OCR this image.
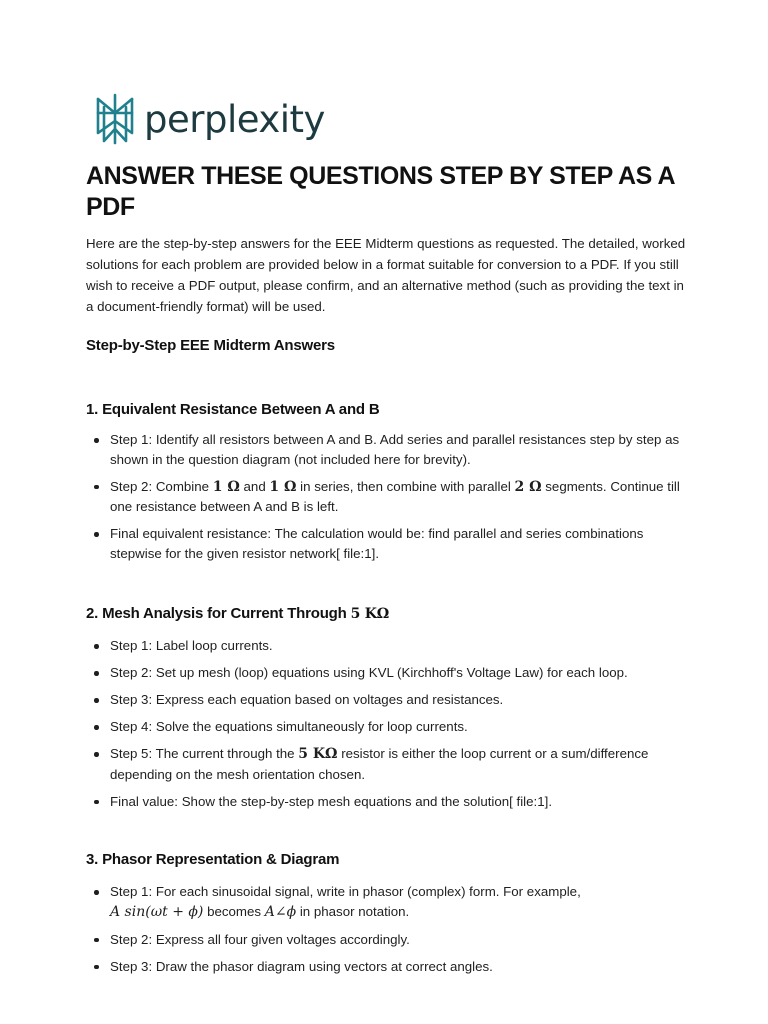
perplexity
ANSWER THESE QUESTIONS STEP BY STEP AS A PDF

Here are the step-by-step answers for the EEE Midterm questions as requested. The detailed, worked solutions for each problem are provided below in a format suitable for conversion to a PDF. If you still wish to receive a PDF output, please confirm, and an alternative method (such as providing the text in a document-friendly format) will be used.

Step-by-Step EEE Midterm Answers

1. Equivalent Resistance Between A and B

Step 1: Identify all resistors between A and B. Add series and parallel resistances step by step as shown in the question diagram (not included here for brevity).
Step 2: Combine 1 Ω and 1 Ω in series, then combine with parallel 2 Ω segments. Continue till one resistance between A and B is left.
Final equivalent resistance: The calculation would be: find parallel and series combinations stepwise for the given resistor network[ file:1].

2. Mesh Analysis for Current Through 5 KΩ

Step 1: Label loop currents.
Step 2: Set up mesh (loop) equations using KVL (Kirchhoff's Voltage Law) for each loop.
Step 3: Express each equation based on voltages and resistances.
Step 4: Solve the equations simultaneously for loop currents.
Step 5: The current through the 5 KΩ resistor is either the loop current or a sum/difference depending on the mesh orientation chosen.
Final value: Show the step-by-step mesh equations and the solution[ file:1].

3. Phasor Representation & Diagram

Step 1: For each sinusoidal signal, write in phasor (complex) form. For example,
A sin(ωt + ϕ) becomes A∠ϕ in phasor notation.
Step 2: Express all four given voltages accordingly.
Step 3: Draw the phasor diagram using vectors at correct angles.
